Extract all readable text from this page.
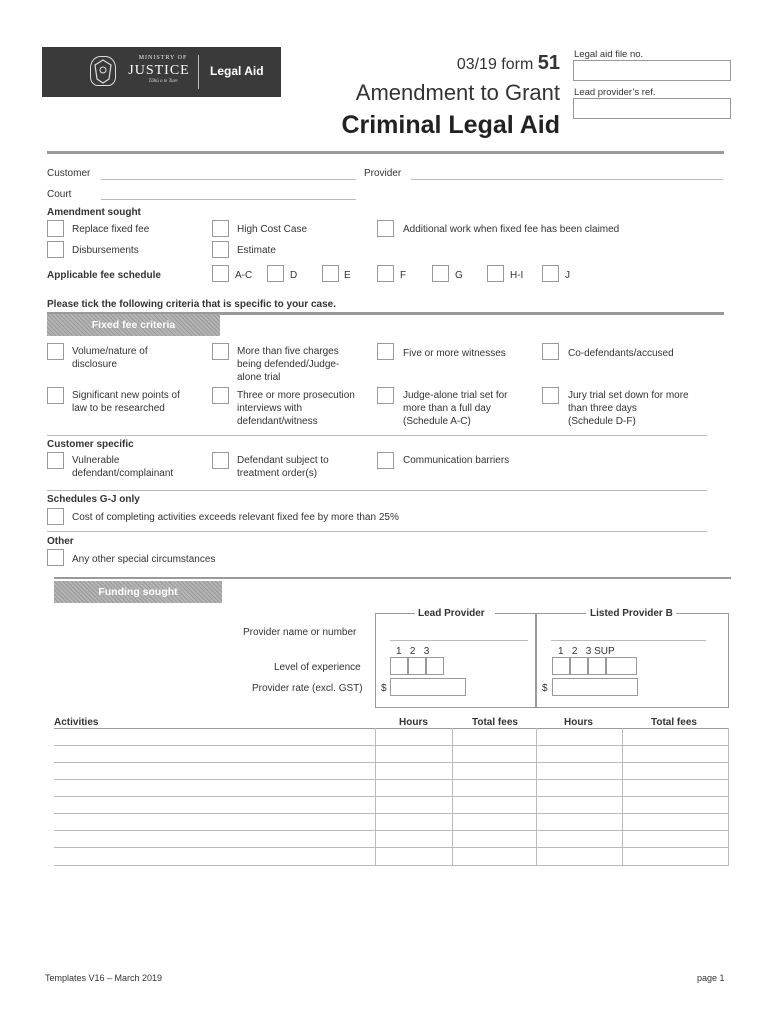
MINISTRY OF
JUSTICE
Tāhū o te Ture
Legal Aid	03/19 form 51
Amendment to Grant
Criminal Legal Aid
Legal aid file no.
Lead provider’s ref.
Customer	Provider
Court
Amendment sought
Replace fixed fee	High Cost Case	Additional work when fixed fee has been claimed
Disbursements	Estimate
Applicable fee schedule	A-C	D	E	F	G	H-I	J
Please tick the following criteria that is specific to your case.
Fixed fee criteria
Volume/nature of
disclosure
More than five charges
being defended/Judge-
alone trial
Five or more witnesses	Co-defendants/accused
Significant new points of
law to be researched
Three or more prosecution
interviews with
defendant/witness
Judge-alone trial set for
more than a full day
(Schedule A-C)
Jury trial set down for more
than three days
(Schedule D-F)
Customer specific
Vulnerable
defendant/complainant
Defendant subject to
treatment order(s)
Communication barriers
Schedules G-J only
Cost of completing activities exceeds relevant fixed fee by more than 25%
Other
Any other special circumstances
Funding sought
Lead Provider	Listed Provider B
Provider name or number
1   2   3	1   2   3 SUP
Level of experience
Provider rate (excl. GST) $	$
Activities	Hours	Total fees	Hours	Total fees
Templates V16 – March 2019	page 1
